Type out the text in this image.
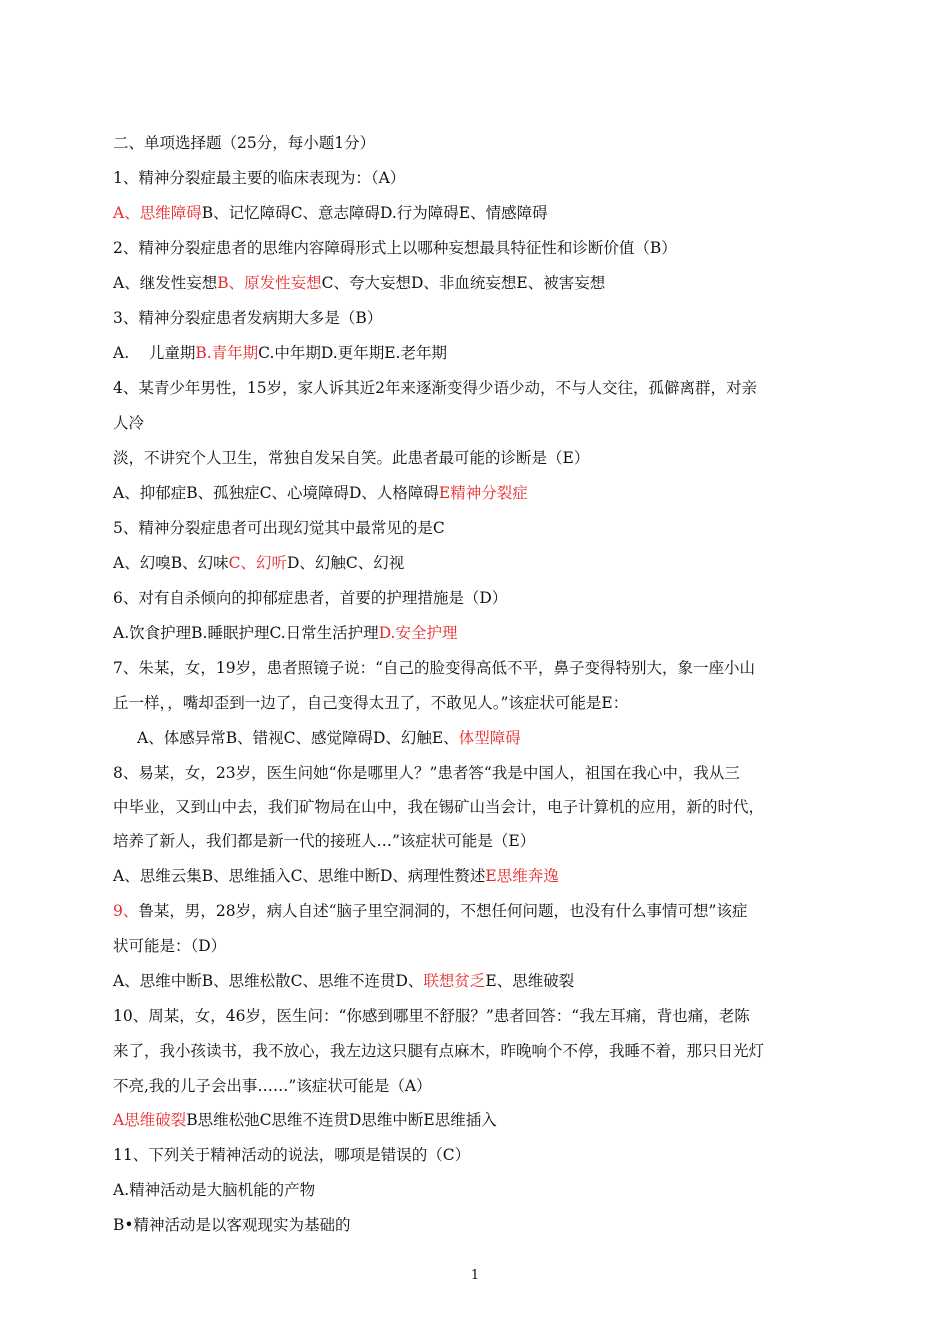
二、单项选择题（25分，每小题1分）
1、精神分裂症最主要的临床表现为：（A）
A、思维障碍B、记忆障碍C、意志障碍D.行为障碍E、情感障碍
2、精神分裂症患者的思维内容障碍形式上以哪种妄想最具特征性和诊断价值（B）
A、继发性妄想B、原发性妄想C、夸大妄想D、非血统妄想E、被害妄想
3、精神分裂症患者发病期大多是（B）
A.    儿童期B.青年期C.中年期D.更年期E.老年期
4、某青少年男性，15岁，家人诉其近2年来逐渐变得少语少动，不与人交往，孤僻离群，对亲
人冷
淡，不讲究个人卫生，常独自发呆自笑。此患者最可能的诊断是（E）
A、抑郁症B、孤独症C、心境障碍D、人格障碍E精神分裂症
5、精神分裂症患者可出现幻觉其中最常见的是C
A、幻嗅B、幻味C、幻听D、幻触C、幻视
6、对有自杀倾向的抑郁症患者，首要的护理措施是（D）
A.饮食护理B.睡眠护理C.日常生活护理D.安全护理
7、朱某，女，19岁，患者照镜子说：“自己的脸变得高低不平，鼻子变得特别大，象一座小山
丘一样，，嘴却歪到一边了，自己变得太丑了，不敢见人。”该症状可能是E：
A、体感异常B、错视C、感觉障碍D、幻触E、体型障碍
8、易某，女，23岁，医生问她“你是哪里人？”患者答“我是中国人，祖国在我心中，我从三
中毕业，又到山中去，我们矿物局在山中，我在锡矿山当会计，电子计算机的应用，新的时代，
培养了新人，我们都是新一代的接班人…”该症状可能是（E）
A、思维云集B、思维插入C、思维中断D、病理性赘述E思维奔逸
9、鲁某，男，28岁，病人自述“脑子里空洞洞的，不想任何问题，也没有什么事情可想”该症
状可能是：（D）
A、思维中断B、思维松散C、思维不连贯D、联想贫乏E、思维破裂
10、周某，女，46岁，医生问：“你感到哪里不舒服？”患者回答：“我左耳痛，背也痛，老陈
来了，我小孩读书，我不放心，我左边这只腿有点麻木，昨晚响个不停，我睡不着，那只日光灯
不亮,我的儿子会出事……”该症状可能是（A）
A思维破裂B思维松弛C思维不连贯D思维中断E思维插入
11、下列关于精神活动的说法，哪项是错误的（C）
A.精神活动是大脑机能的产物
B•精神活动是以客观现实为基础的
1
